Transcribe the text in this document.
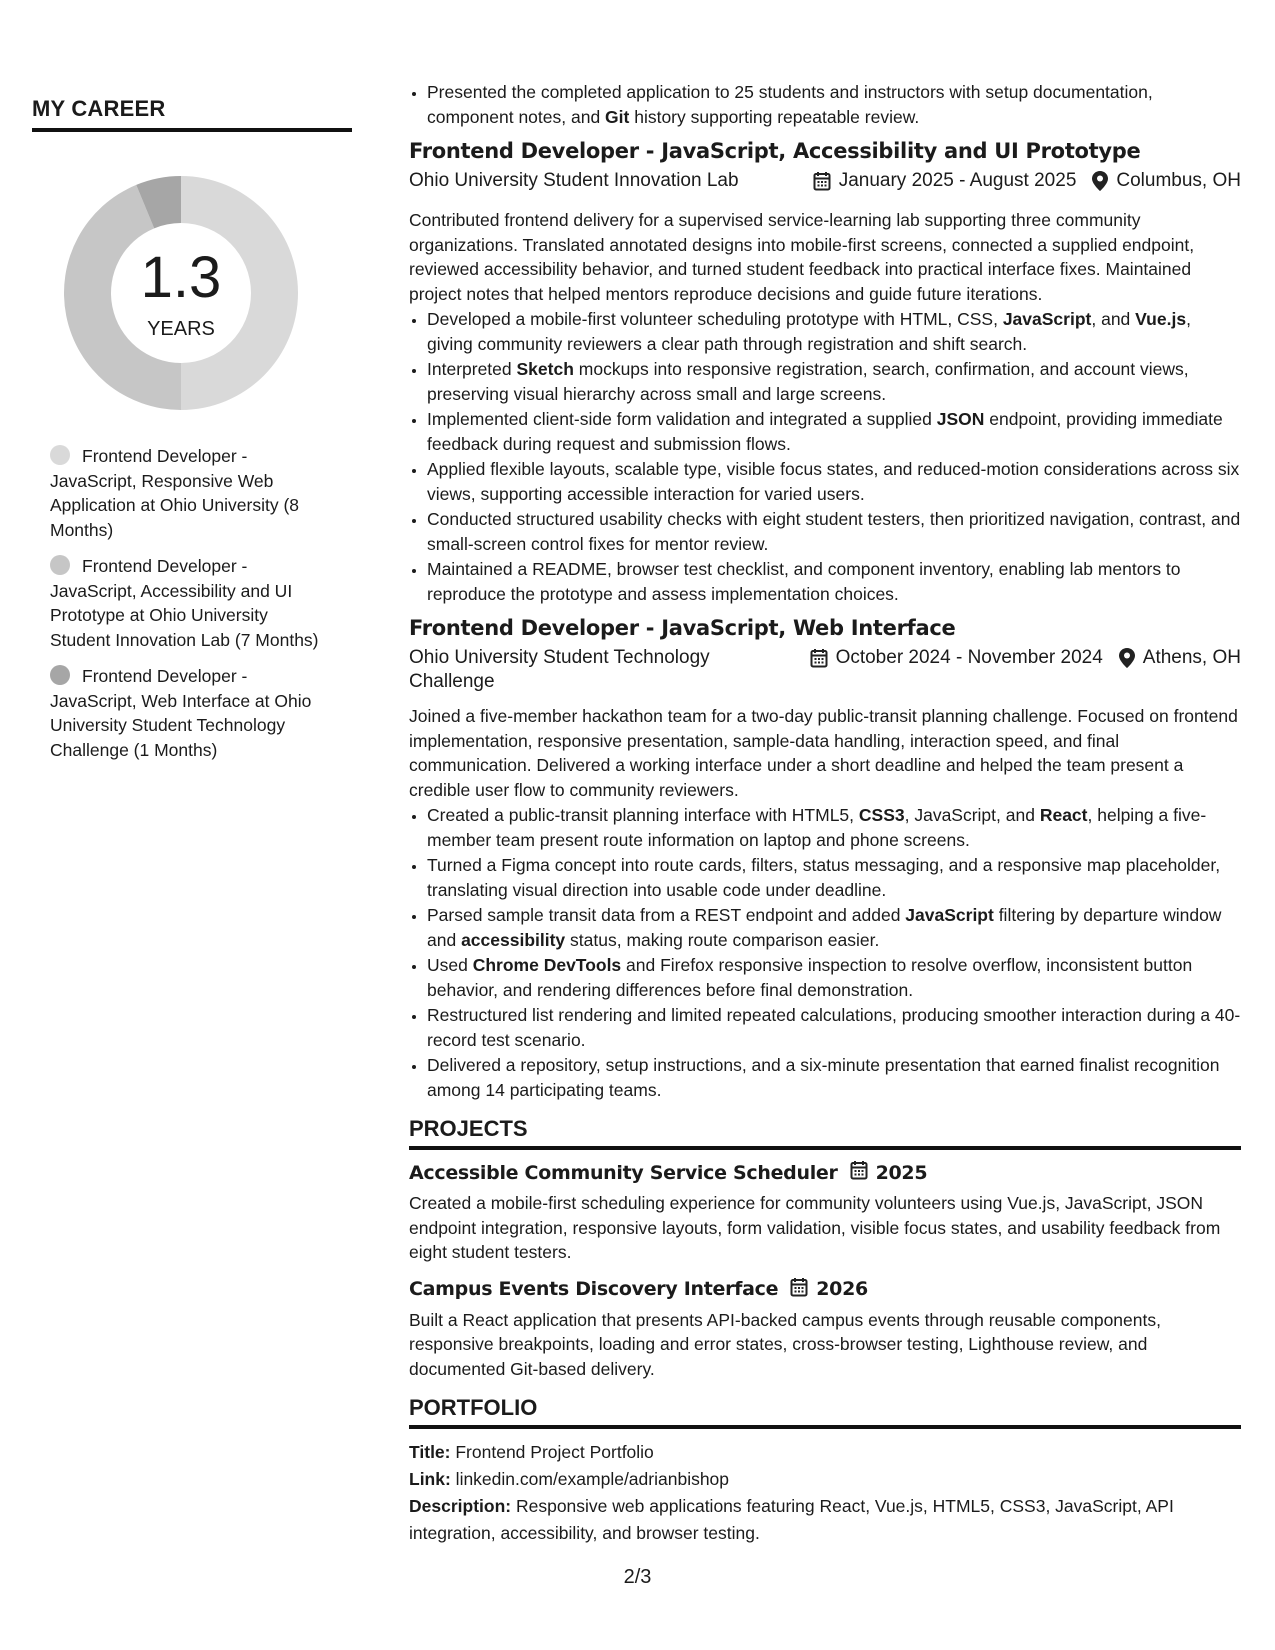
MY CAREER
1.3
YEARS
Frontend Developer - JavaScript, Responsive Web Application at Ohio University (8 Months)
Frontend Developer - JavaScript, Accessibility and UI Prototype at Ohio University Student Innovation Lab (7 Months)
Frontend Developer - JavaScript, Web Interface at Ohio University Student Technology Challenge (1 Months)
• Presented the completed application to 25 students and instructors with setup documentation, component notes, and Git history supporting repeatable review.
Frontend Developer - JavaScript, Accessibility and UI Prototype
Ohio University Student Innovation Lab	January 2025 - August 2025 Columbus, OH

Contributed frontend delivery for a supervised service-learning lab supporting three community organizations. Translated annotated designs into mobile-first screens, connected a supplied endpoint, reviewed accessibility behavior, and turned student feedback into practical interface fixes. Maintained project notes that helped mentors reproduce decisions and guide future iterations.

• Developed a mobile-first volunteer scheduling prototype with HTML, CSS, JavaScript, and Vue.js, giving community reviewers a clear path through registration and shift search.
• Interpreted Sketch mockups into responsive registration, search, confirmation, and account views, preserving visual hierarchy across small and large screens.
• Implemented client-side form validation and integrated a supplied JSON endpoint, providing immediate feedback during request and submission flows.
• Applied flexible layouts, scalable type, visible focus states, and reduced-motion considerations across six views, supporting accessible interaction for varied users.
• Conducted structured usability checks with eight student testers, then prioritized navigation, contrast, and small-screen control fixes for mentor review.
• Maintained a README, browser test checklist, and component inventory, enabling lab mentors to reproduce the prototype and assess implementation choices.
Frontend Developer - JavaScript, Web Interface
Ohio University Student Technology Challenge
October 2024 - November 2024 Athens, OH

Joined a five-member hackathon team for a two-day public-transit planning challenge. Focused on frontend implementation, responsive presentation, sample-data handling, interaction speed, and final communication. Delivered a working interface under a short deadline and helped the team present a credible user flow to community reviewers.

• Created a public-transit planning interface with HTML5, CSS3, JavaScript, and React, helping a five-member team present route information on laptop and phone screens.
• Turned a Figma concept into route cards, filters, status messaging, and a responsive map placeholder, translating visual direction into usable code under deadline.
• Parsed sample transit data from a REST endpoint and added JavaScript filtering by departure window and accessibility status, making route comparison easier.
• Used Chrome DevTools and Firefox responsive inspection to resolve overflow, inconsistent button behavior, and rendering differences before final demonstration.
• Restructured list rendering and limited repeated calculations, producing smoother interaction during a 40-record test scenario.
• Delivered a repository, setup instructions, and a six-minute presentation that earned finalist recognition among 14 participating teams.
PROJECTS
Accessible Community Service Scheduler 2025

Created a mobile-first scheduling experience for community volunteers using Vue.js, JavaScript, JSON endpoint integration, responsive layouts, form validation, visible focus states, and usability feedback from eight student testers.

Campus Events Discovery Interface 2026

Built a React application that presents API-backed campus events through reusable components, responsive breakpoints, loading and error states, cross-browser testing, Lighthouse review, and documented Git-based delivery.

PORTFOLIO
Title: Frontend Project Portfolio
Link: linkedin.com/example/adrianbishop
Description: Responsive web applications featuring React, Vue.js, HTML5, CSS3, JavaScript, API integration, accessibility, and browser testing.
2/3
